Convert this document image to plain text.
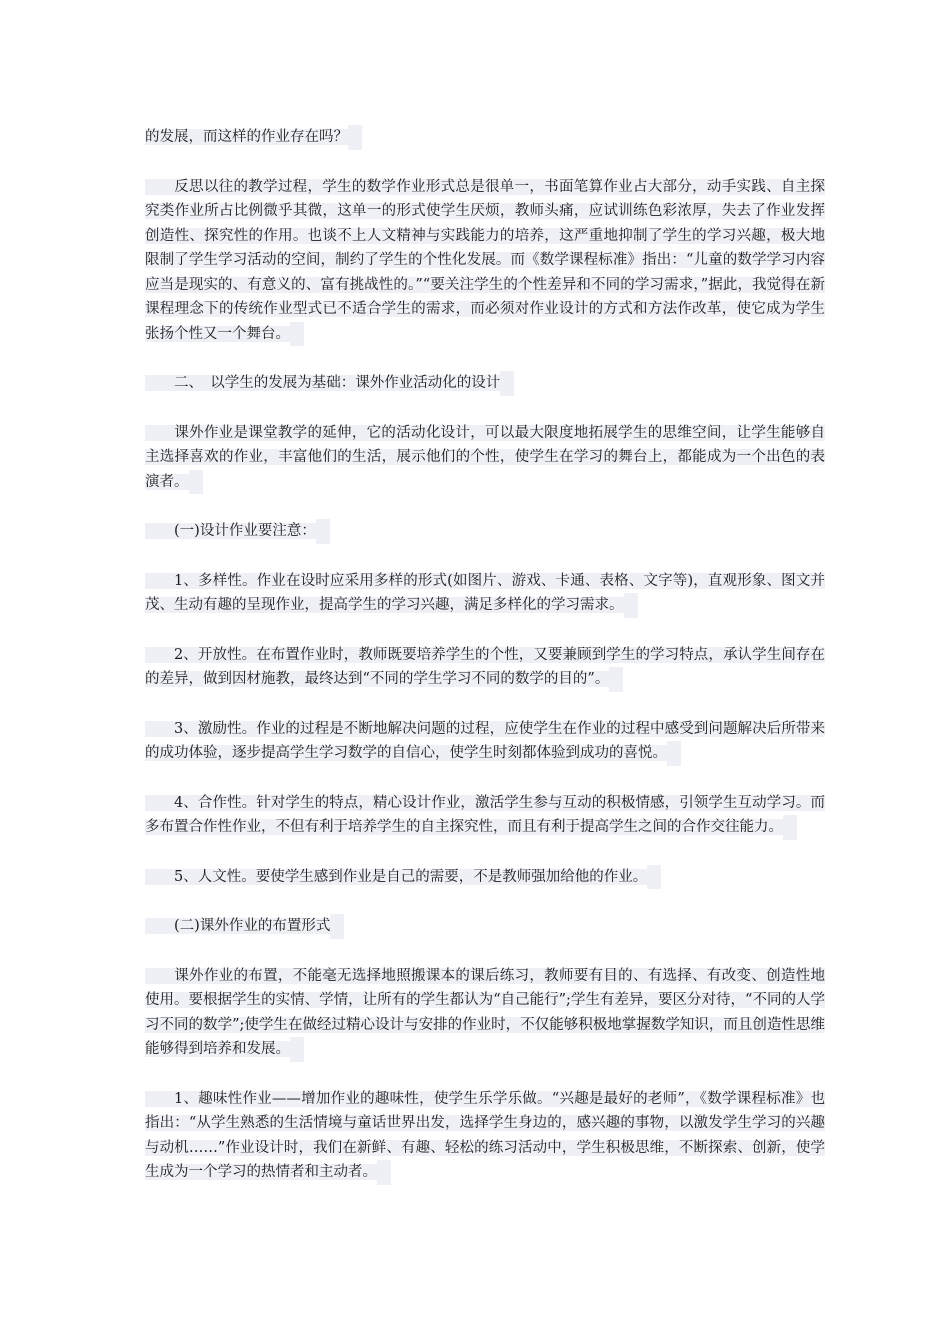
的发展，而这样的作业存在吗？

反思以往的教学过程，学生的数学作业形式总是很单一，书面笔算作业占大部分，动手实践、自主探究类作业所占比例微乎其微，这单一的形式使学生厌烦，教师头痛，应试训练色彩浓厚，失去了作业发挥创造性、探究性的作用。也谈不上人文精神与实践能力的培养，这严重地抑制了学生的学习兴趣，极大地限制了学生学习活动的空间，制约了学生的个性化发展。而《数学课程标准》指出：“儿童的数学学习内容应当是现实的、有意义的、富有挑战性的。”“要关注学生的个性差异和不同的学习需求，”据此，我觉得在新课程理念下的传统作业型式已不适合学生的需求，而必须对作业设计的方式和方法作改革，使它成为学生张扬个性又一个舞台。

二、　以学生的发展为基础：课外作业活动化的设计

课外作业是课堂教学的延伸，它的活动化设计，可以最大限度地拓展学生的思维空间，让学生能够自主选择喜欢的作业，丰富他们的生活，展示他们的个性，使学生在学习的舞台上，都能成为一个出色的表演者。

(一)设计作业要注意：

1、多样性。作业在设时应采用多样的形式(如图片、游戏、卡通、表格、文字等)，直观形象、图文并茂、生动有趣的呈现作业，提高学生的学习兴趣，满足多样化的学习需求。

2、开放性。在布置作业时，教师既要培养学生的个性，又要兼顾到学生的学习特点，承认学生间存在的差异，做到因材施教，最终达到“不同的学生学习不同的数学的目的”。

3、激励性。作业的过程是不断地解决问题的过程，应使学生在作业的过程中感受到问题解决后所带来的成功体验，逐步提高学生学习数学的自信心，使学生时刻都体验到成功的喜悦。

4、合作性。针对学生的特点，精心设计作业，激活学生参与互动的积极情感，引领学生互动学习。而多布置合作性作业，不但有利于培养学生的自主探究性，而且有利于提高学生之间的合作交往能力。

5、人文性。要使学生感到作业是自己的需要，不是教师强加给他的作业。

(二)课外作业的布置形式

课外作业的布置，不能毫无选择地照搬课本的课后练习，教师要有目的、有选择、有改变、创造性地使用。要根据学生的实情、学情，让所有的学生都认为“自己能行”;学生有差异，要区分对待，“不同的人学习不同的数学”;使学生在做经过精心设计与安排的作业时，不仅能够积极地掌握数学知识，而且创造性思维能够得到培养和发展。

1、趣味性作业——增加作业的趣味性，使学生乐学乐做。“兴趣是最好的老师”，《数学课程标准》也指出：“从学生熟悉的生活情境与童话世界出发，选择学生身边的，感兴趣的事物，以激发学生学习的兴趣与动机……”作业设计时，我们在新鲜、有趣、轻松的练习活动中，学生积极思维，不断探索、创新，使学生成为一个学习的热情者和主动者。
